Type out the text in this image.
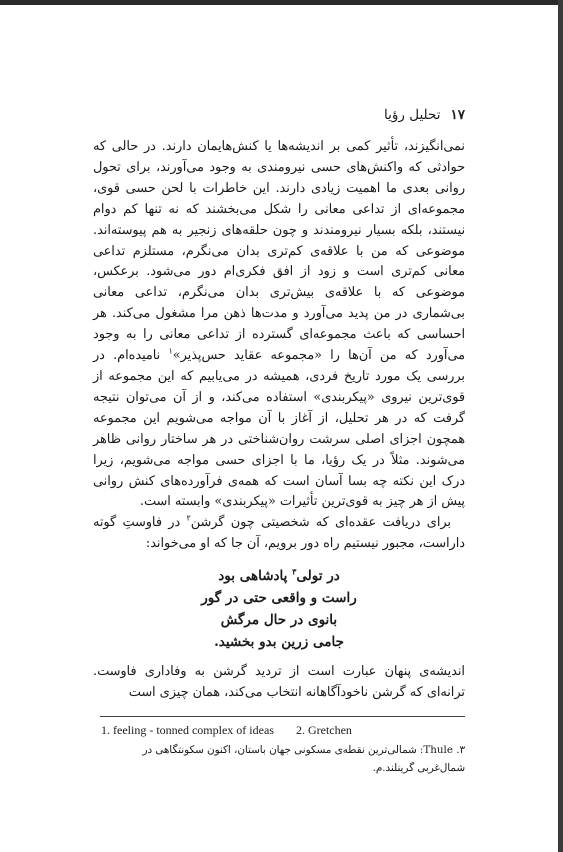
۱۷تحلیل رؤیا

نمی‌انگیزند، تأثیر کمی بر اندیشه‌ها یا کنش‌هایمان دارند. در حالی که حوادثی که واکنش‌های حسی نیرومندی به وجود می‌آورند، برای تحول روانی بعدی ما اهمیت زیادی دارند. این خاطرات با لحن حسی قوی، مجموعه‌ای از تداعی معانی را شکل می‌بخشند که نه تنها کم دوام نیستند، بلکه بسیار نیرومندند و چون حلقه‌های زنجیر به هم پیوسته‌اند. موضوعی که من با علاقه‌ی کم‌تری بدان می‌نگرم، مستلزم تداعی معانی کم‌تری است و زود از افق فکری‌ام دور می‌شود. برعکس، موضوعی که با علاقه‌ی بیش‌تری بدان می‌نگرم، تداعی معانی بی‌شماری در من پدید می‌آورد و مدت‌ها ذهن مرا مشغول می‌کند. هر احساسی که باعث مجموعه‌ای گسترده از تداعی معانی را به وجود می‌آورد که من آن‌ها را «مجموعه عقاید حس‌پذیر»$^۱$ نامیده‌ام. در بررسی یک مورد تاریخ فردی، همیشه در می‌یابیم که این مجموعه از قوی‌ترین نیروی «پیکربندی» استفاده می‌کند، و از آن می‌توان نتیجه گرفت که در هر تحلیل، از آغاز با آن مواجه می‌شویم این مجموعه همچون اجزای اصلی سرشت روان‌شناختی در هر ساختار روانی ظاهر می‌شوند. مثلاً در یک رؤیا، ما با اجزای حسی مواجه می‌شویم، زیرا درک این نکته چه بسا آسان است که همه‌ی فرآورده‌های کنش روانی پیش از هر چیز به قوی‌ترین تأثیرات «پیکربندی» وابسته است.

برای دریافت عقده‌ای که شخصیتی چون گرشن$^۲$ در فاوستِ گوته داراست، مجبور نیستیم راه دور برویم، آن جا که او می‌خواند:

در تولی$^۳$ پادشاهی بود
راست و واقعی حتی در گور
بانوی در حال مرگش
جامی زرین بدو بخشید.

اندیشه‌ی پنهان عبارت است از تردید گرشن به وفاداری فاوست. ترانه‌ای که گرشن ناخودآگاهانه انتخاب می‌کند، همان چیزی است

1. feeling - tonned complex of ideas 2. Gretchen
۳. Thule: شمالی‌ترین نقطه‌ی مسکونی جهان باستان، اکنون سکونتگاهی در شمال‌غربی گرینلند.م.
